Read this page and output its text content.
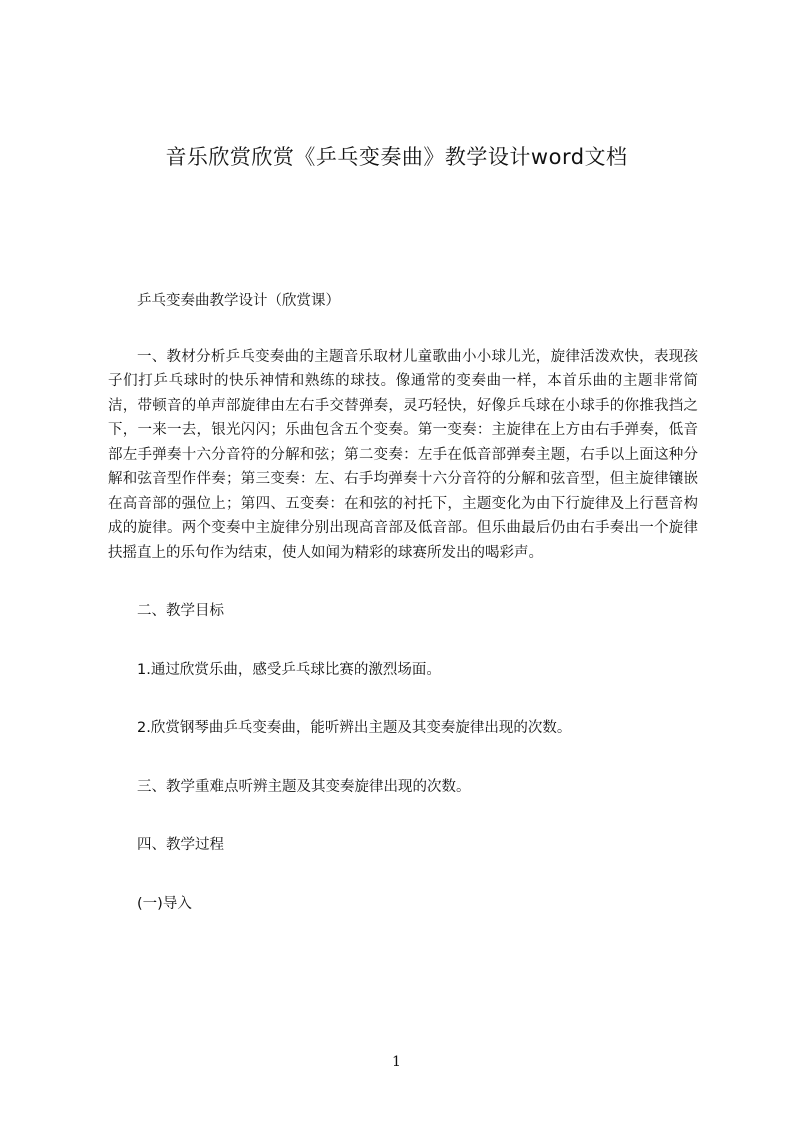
音乐欣赏欣赏《乒乓变奏曲》教学设计word文档

乒乓变奏曲教学设计（欣赏课）

一、教材分析乒乓变奏曲的主题音乐取材儿童歌曲小小球儿光，旋律活泼欢快，表现孩子们打乒乓球时的快乐神情和熟练的球技。像通常的变奏曲一样，本首乐曲的主题非常简洁，带顿音的单声部旋律由左右手交替弹奏，灵巧轻快，好像乒乓球在小球手的你推我挡之下，一来一去，银光闪闪；乐曲包含五个变奏。第一变奏：主旋律在上方由右手弹奏，低音部左手弹奏十六分音符的分解和弦；第二变奏：左手在低音部弹奏主题，右手以上面这种分解和弦音型作伴奏；第三变奏：左、右手均弹奏十六分音符的分解和弦音型，但主旋律镶嵌在高音部的强位上；第四、五变奏：在和弦的衬托下，主题变化为由下行旋律及上行琶音构成的旋律。两个变奏中主旋律分别出现高音部及低音部。但乐曲最后仍由右手奏出一个旋律扶摇直上的乐句作为结束，使人如闻为精彩的球赛所发出的喝彩声。

二、教学目标

1.通过欣赏乐曲，感受乒乓球比赛的激烈场面。

2.欣赏钢琴曲乒乓变奏曲，能听辨出主题及其变奏旋律出现的次数。

三、教学重难点听辨主题及其变奏旋律出现的次数。

四、教学过程

(一)导入

1
